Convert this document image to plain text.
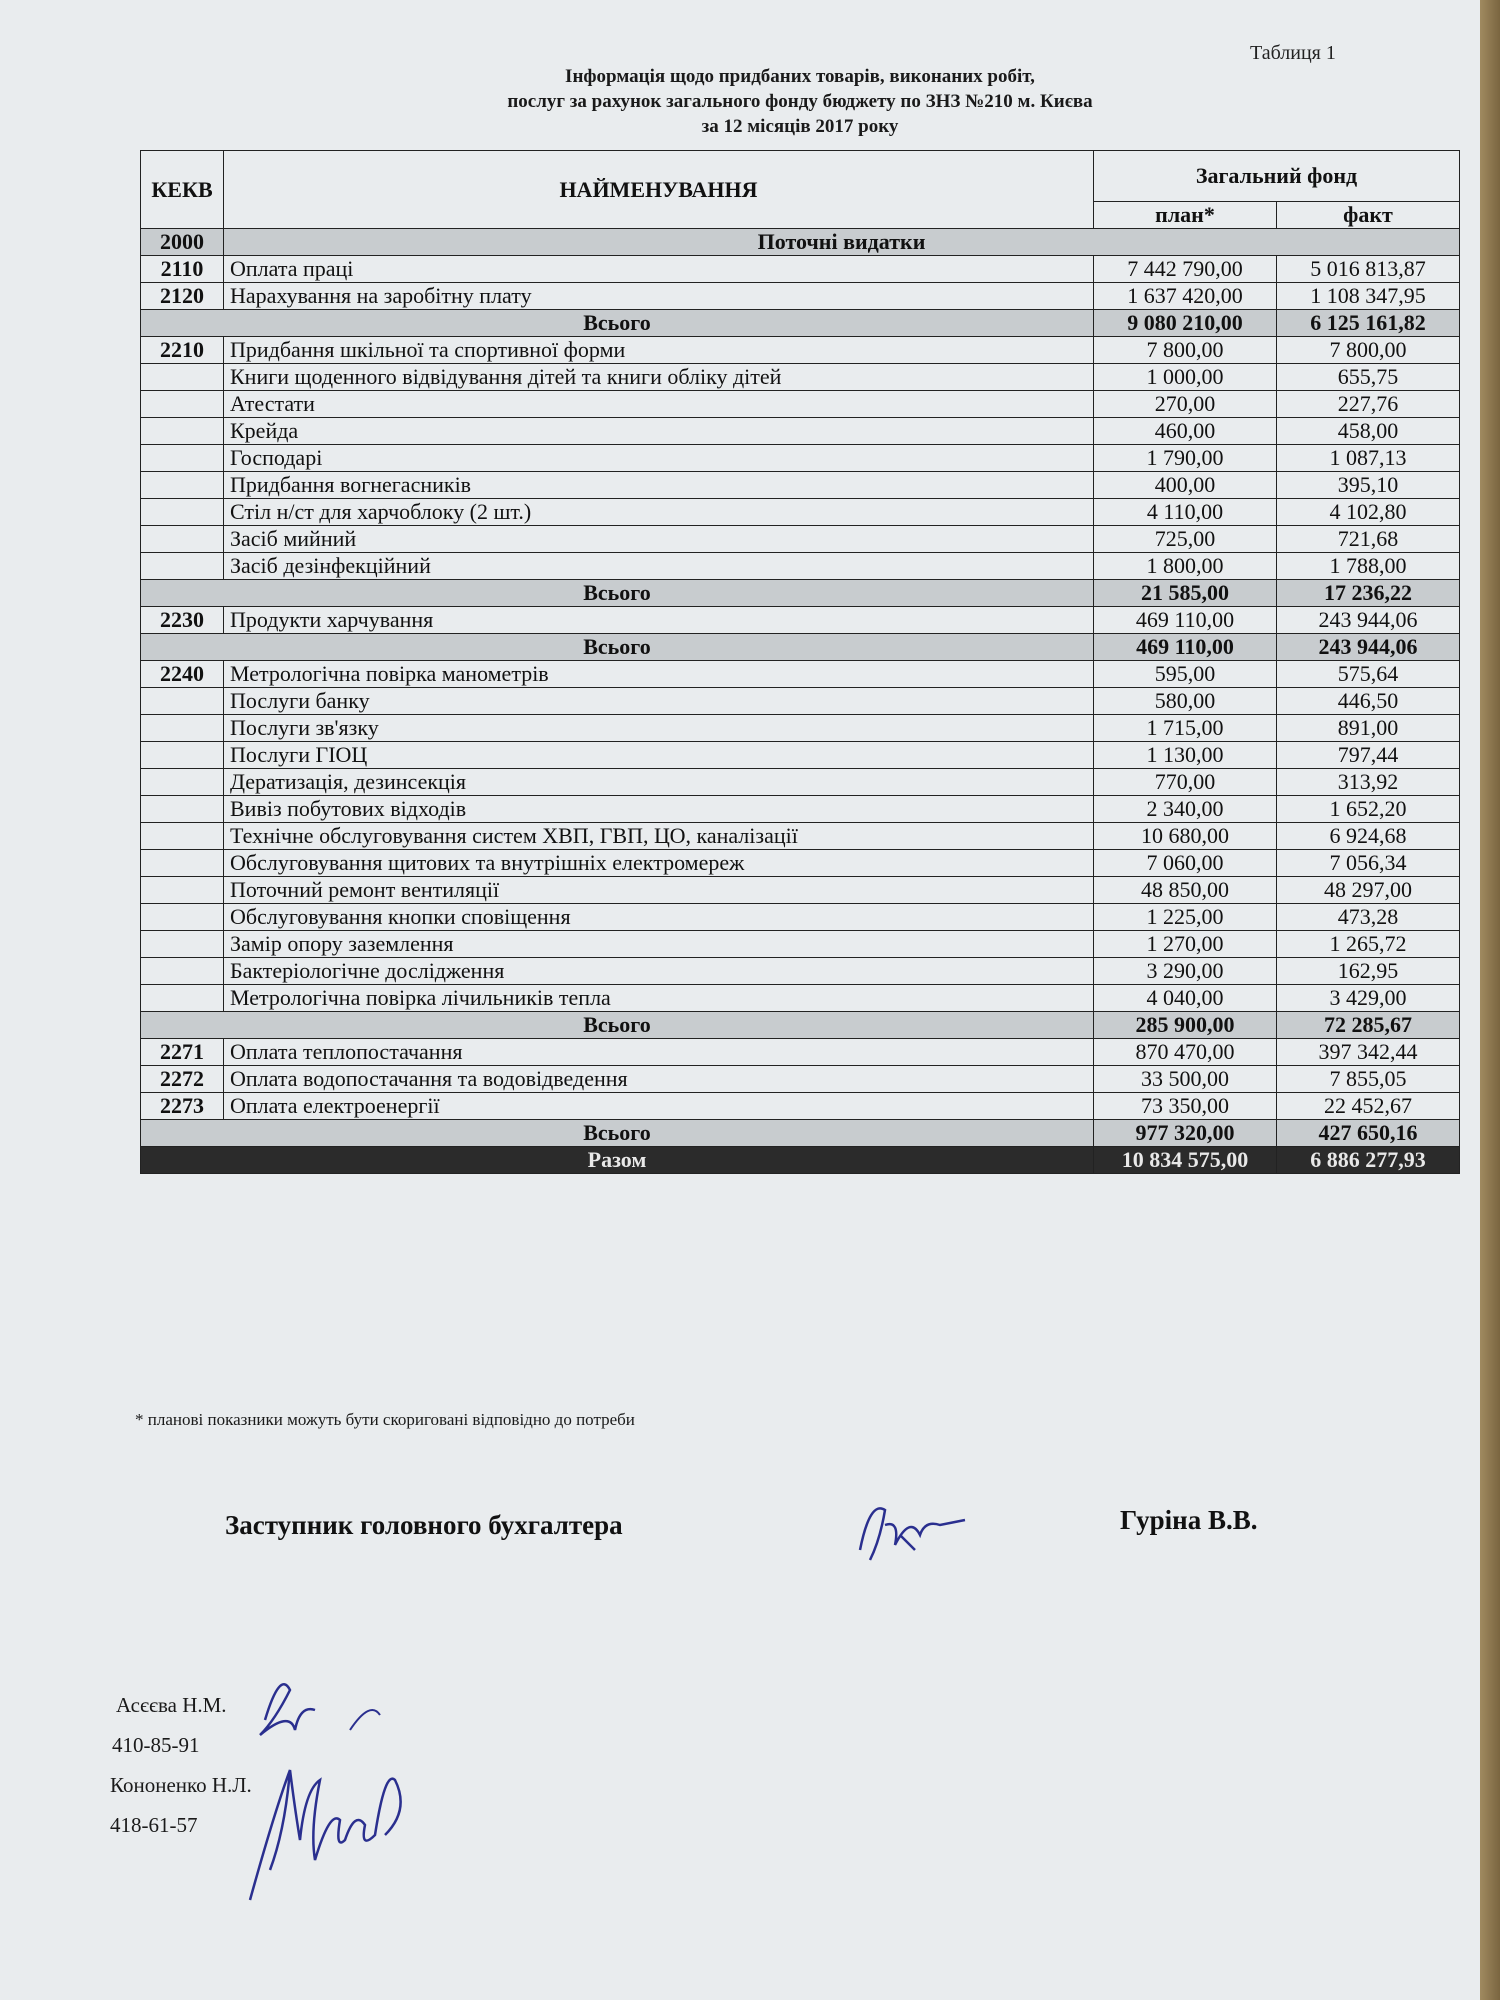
Таблиця 1
Інформація щодо придбаних товарів, виконаних робіт,
послуг за рахунок загального фонду бюджету по ЗНЗ №210 м. Києва
за 12 місяців 2017 року
КЕКВ	НАЙМЕНУВАННЯ	Загальний фонд	
		план*	факт
2000	Поточні видатки		
2110	Оплата праці	7 442 790,00	5 016 813,87
2120	Нарахування на заробітну плату	1 637 420,00	1 108 347,95
Всього		9 080 210,00	6 125 161,82
2210	Придбання шкільної та спортивної форми	7 800,00	7 800,00
	Книги щоденного відвідування дітей та книги обліку дітей	1 000,00	655,75
	Атестати	270,00	227,76
	Крейда	460,00	458,00
	Господарі	1 790,00	1 087,13
	Придбання вогнегасників	400,00	395,10
	Стіл н/ст для харчоблоку (2 шт.)	4 110,00	4 102,80
	Засіб мийний	725,00	721,68
	Засіб дезінфекційний	1 800,00	1 788,00
Всього		21 585,00	17 236,22
2230	Продукти харчування	469 110,00	243 944,06
Всього		469 110,00	243 944,06
2240	Метрологічна повірка манометрів	595,00	575,64
	Послуги банку	580,00	446,50
	Послуги зв'язку	1 715,00	891,00
	Послуги ГІОЦ	1 130,00	797,44
	Дератизація, дезинсекція	770,00	313,92
	Вивіз побутових відходів	2 340,00	1 652,20
	Технічне обслуговування систем ХВП, ГВП, ЦО, каналізації	10 680,00	6 924,68
	Обслуговування щитових та внутрішніх електромереж	7 060,00	7 056,34
	Поточний ремонт вентиляції	48 850,00	48 297,00
	Обслуговування кнопки сповіщення	1 225,00	473,28
	Замір опору заземлення	1 270,00	1 265,72
	Бактеріологічне дослідження	3 290,00	162,95
	Метрологічна повірка лічильників тепла	4 040,00	3 429,00
Всього		285 900,00	72 285,67
2271	Оплата теплопостачання	870 470,00	397 342,44
2272	Оплата водопостачання та водовідведення	33 500,00	7 855,05
2273	Оплата електроенергії	73 350,00	22 452,67
Всього		977 320,00	427 650,16
Разом		10 834 575,00	6 886 277,93
* планові показники можуть бути скориговані відповідно до потреби
Заступник головного бухгалтера	Гуріна В.В.
Асєєва Н.М.
410-85-91
Кононенко Н.Л.
418-61-57
